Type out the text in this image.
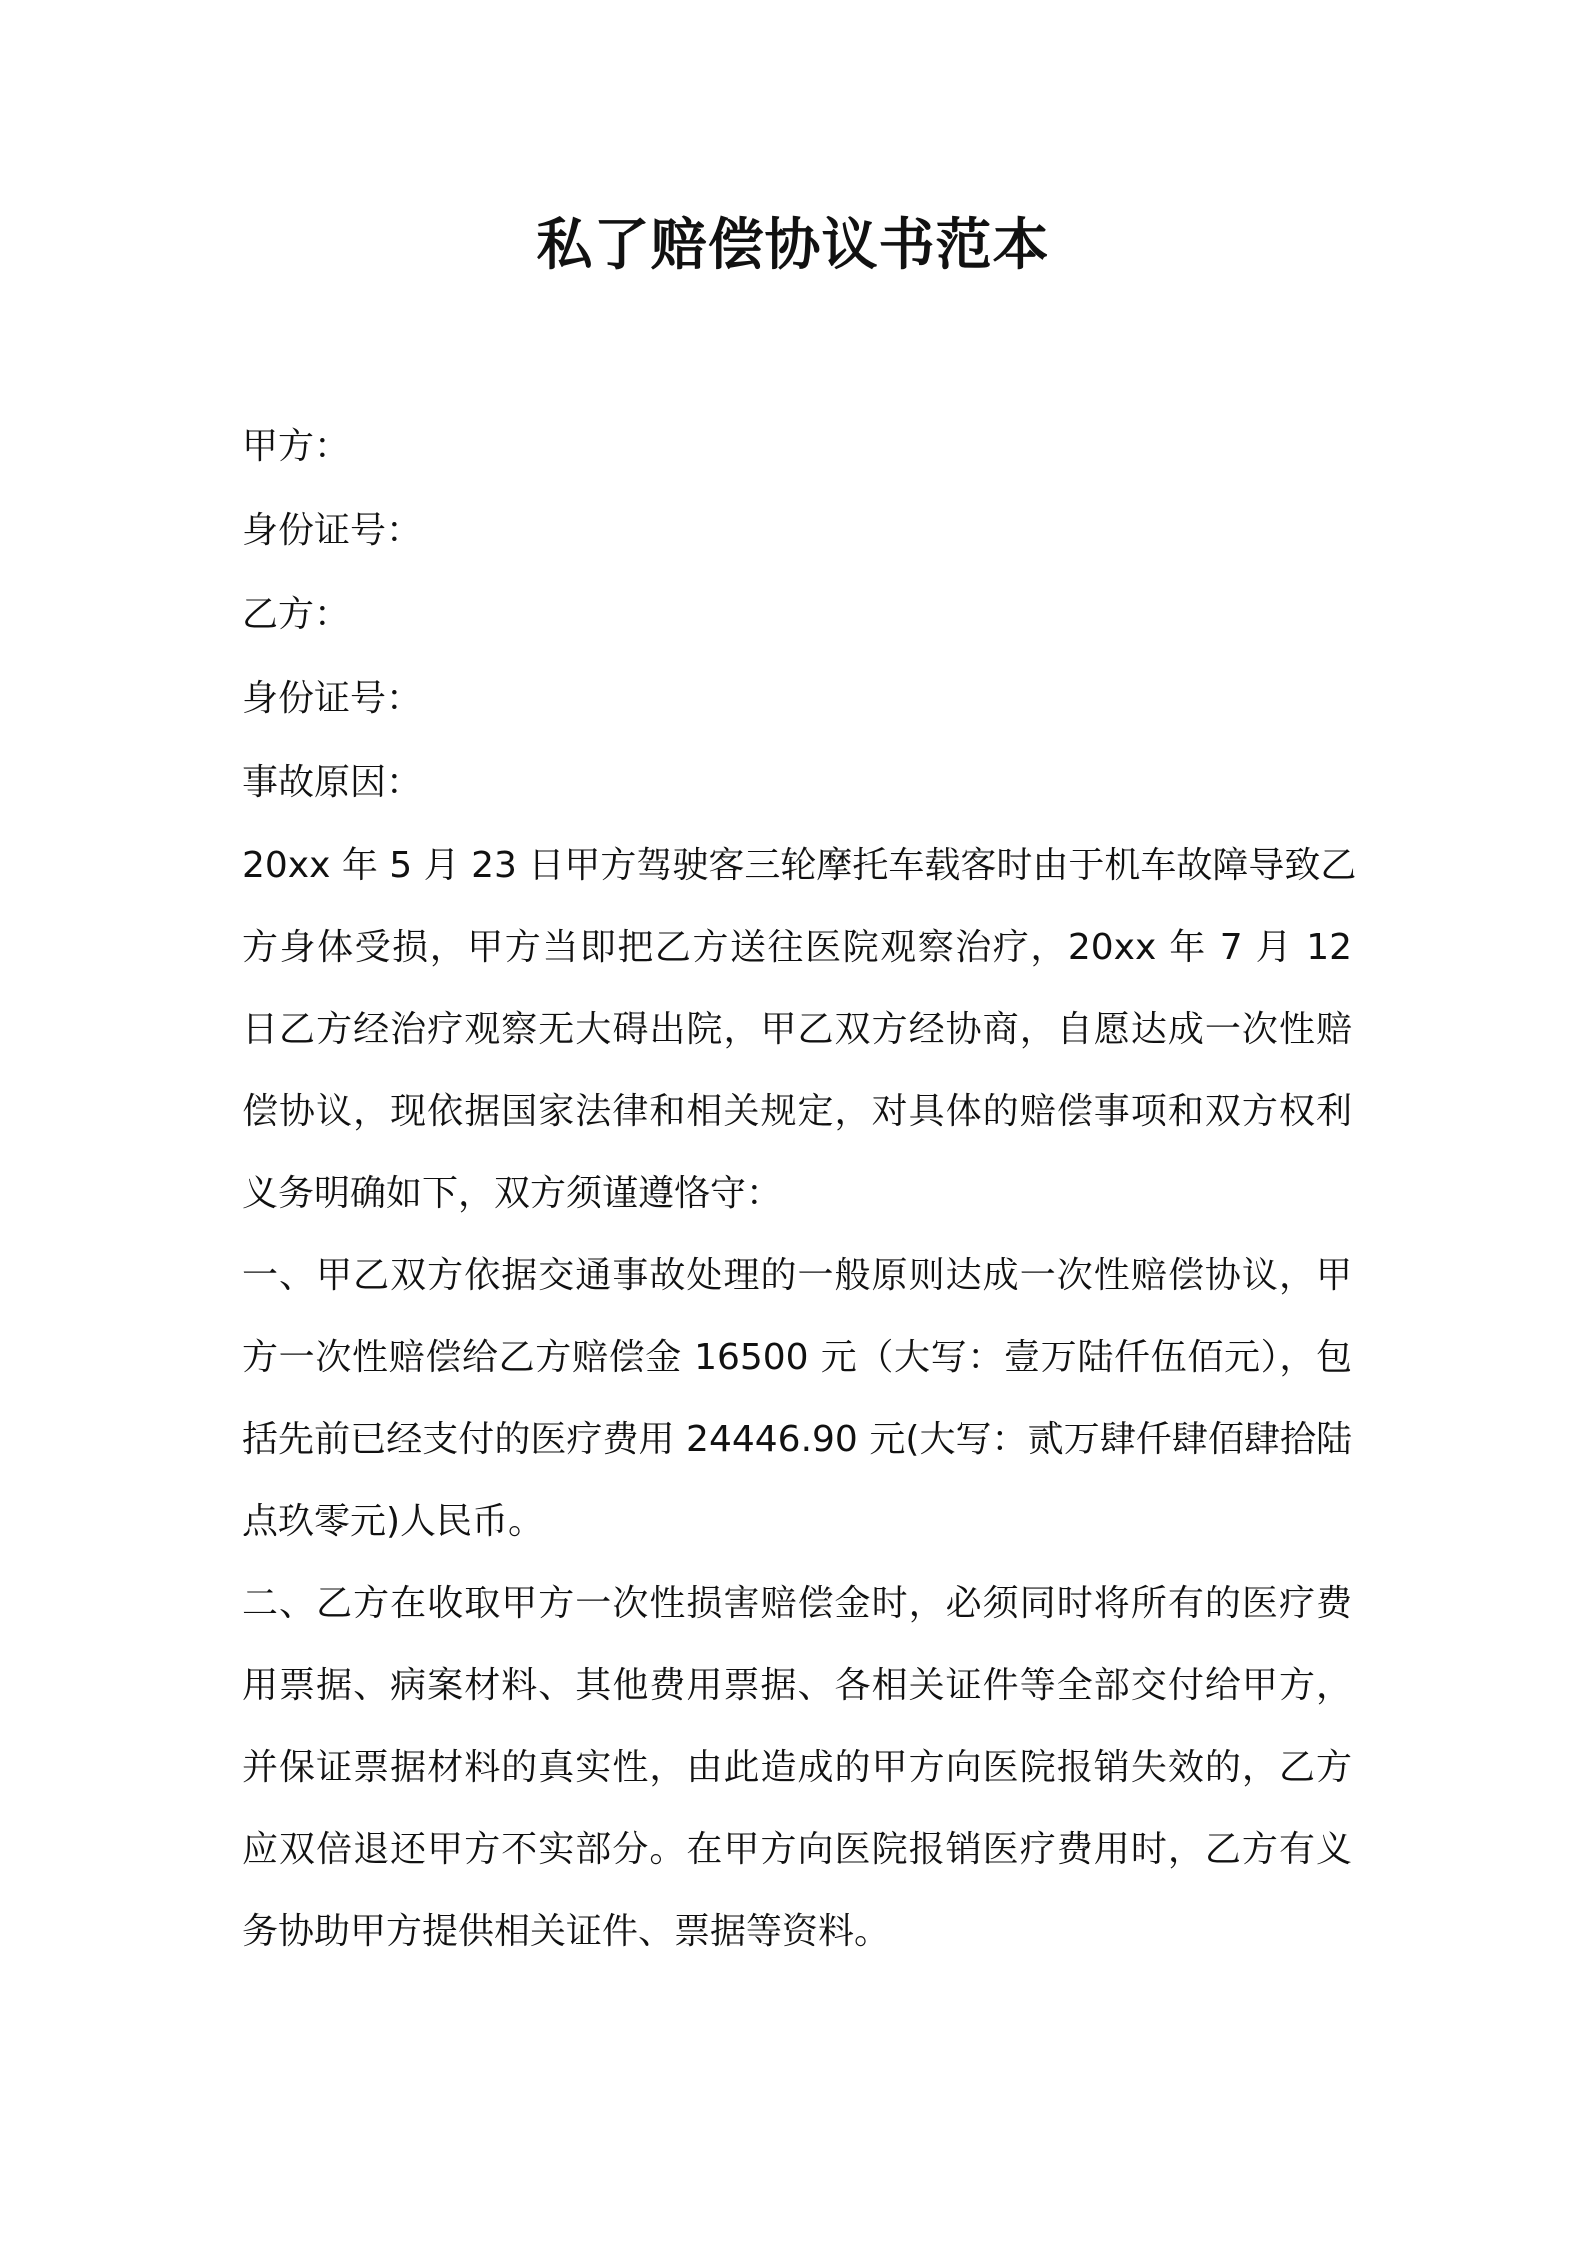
私了赔偿协议书范本
甲方：
身份证号：
乙方：
身份证号：
事故原因：
20xx 年 5 月 23 日甲方驾驶客三轮摩托车载客时由于机车故障导致乙
方身体受损，甲方当即把乙方送往医院观察治疗，20xx 年 7 月 12
日乙方经治疗观察无大碍出院，甲乙双方经协商，自愿达成一次性赔
偿协议，现依据国家法律和相关规定，对具体的赔偿事项和双方权利
义务明确如下，双方须谨遵恪守：
一、甲乙双方依据交通事故处理的一般原则达成一次性赔偿协议，甲
方一次性赔偿给乙方赔偿金 16500 元（大写：壹万陆仟伍佰元），包
括先前已经支付的医疗费用 24446.90 元(大写：贰万肆仟肆佰肆拾陆
点玖零元)人民币。
二、乙方在收取甲方一次性损害赔偿金时，必须同时将所有的医疗费
用票据、病案材料、其他费用票据、各相关证件等全部交付给甲方，
并保证票据材料的真实性，由此造成的甲方向医院报销失效的，乙方
应双倍退还甲方不实部分。在甲方向医院报销医疗费用时，乙方有义
务协助甲方提供相关证件、票据等资料。
